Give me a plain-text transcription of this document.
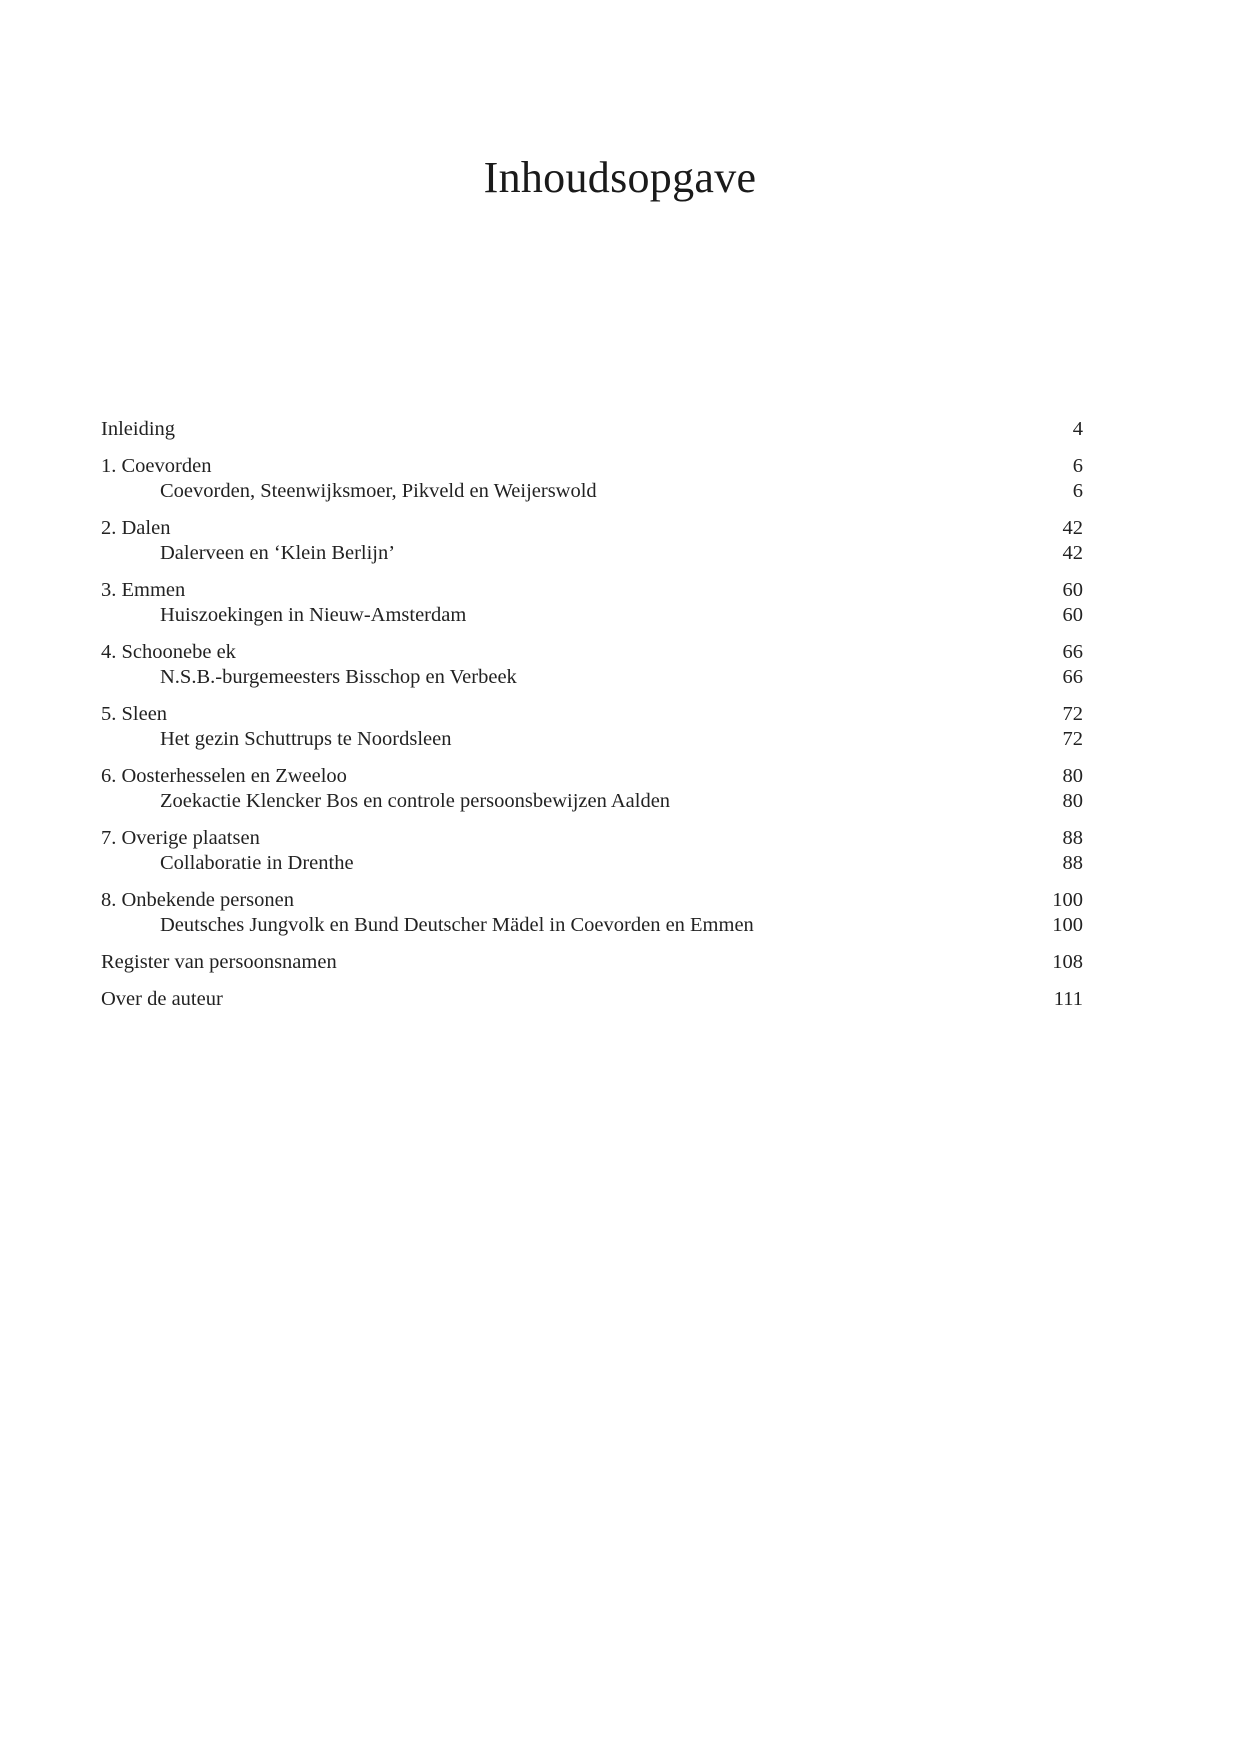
Inhoudsopgave
Inleiding	4
1. Coevorden	6
Coevorden, Steenwijksmoer, Pikveld en Weijerswold	6
2. Dalen	42
Dalerveen en ‘Klein Berlijn’	42
3. Emmen	60
Huiszoekingen in Nieuw-Amsterdam	60
4. Schoonebe ek	66
N.S.B.-burgemeesters Bisschop en Verbeek	66
5. Sleen	72
Het gezin Schuttrups te Noordsleen	72
6. Oosterhesselen en Zweeloo	80
Zoekactie Klencker Bos en controle persoonsbewijzen Aalden	80
7. Overige plaatsen	88
Collaboratie in Drenthe	88
8. Onbekende personen	100
Deutsches Jungvolk en Bund Deutscher Mädel in Coevorden en Emmen	100
Register van persoonsnamen	108
Over de auteur	111
